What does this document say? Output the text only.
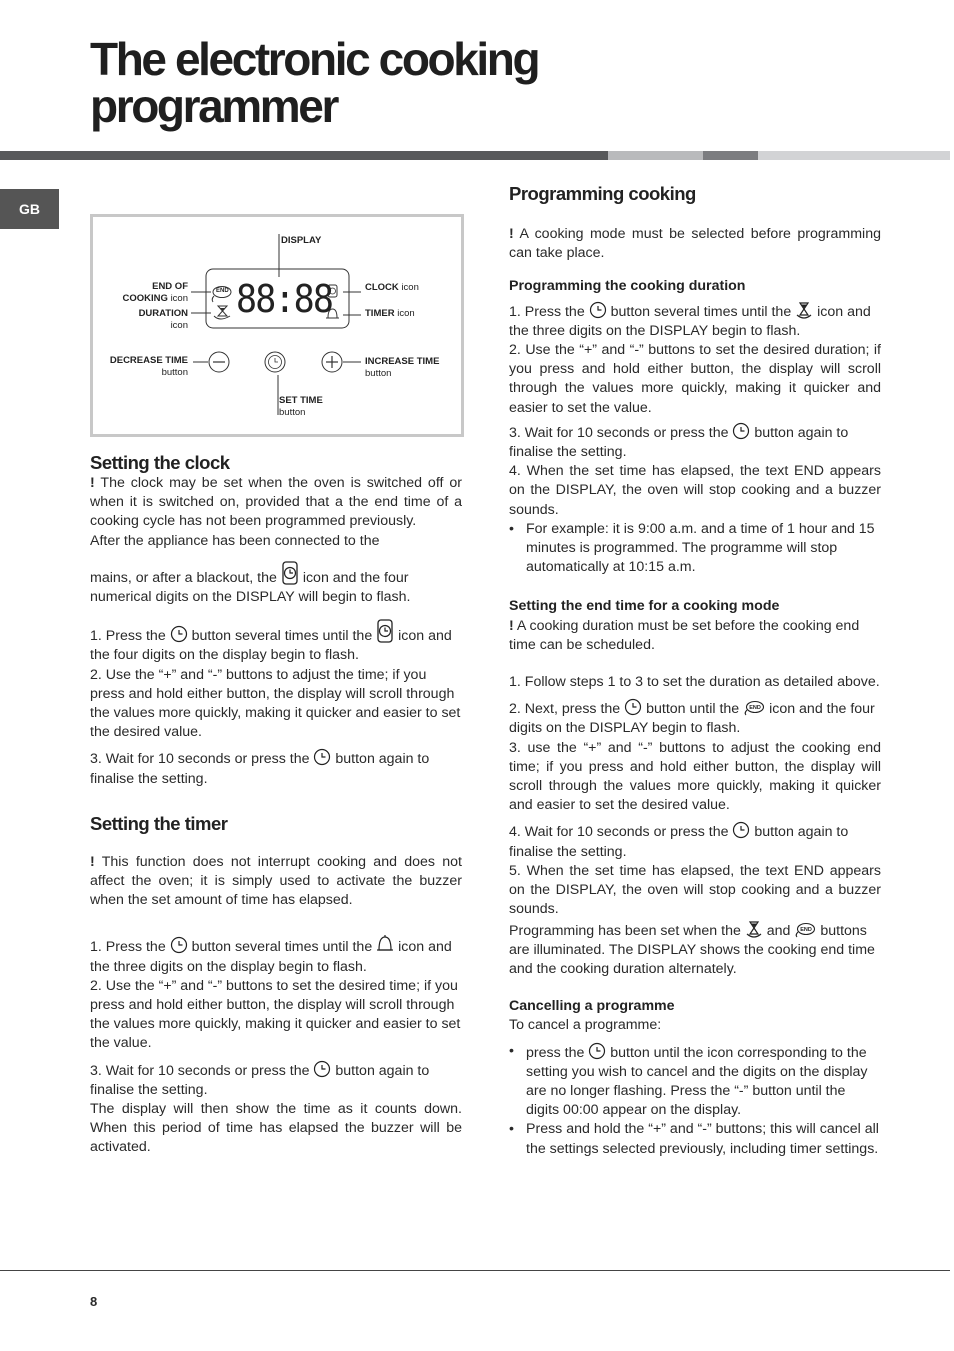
The electronic cooking
programmer
GB
88:88
END
DISPLAY
END OF
COOKING icon
DURATION
icon
CLOCK icon
TIMER icon
DECREASE TIME
button
INCREASE TIME
button
SET TIME
button
Setting the clock

! The clock may be set when the oven is switched off or when it is switched on, provided that a the end time of a cooking cycle has not been programmed previously.

After the appliance has been connected to the

mains, or after a blackout, the icon and the four numerical digits on the DISPLAY will begin to flash.

1. Press the button several times until the icon and the four digits on the display begin to flash.

2. Use the “+” and “-” buttons to adjust the time; if you press and hold either button, the display will scroll through the values more quickly, making it quicker and easier to set the desired value.

3. Wait for 10 seconds or press the button again to finalise the setting.

Setting the timer

! This function does not interrupt cooking and does not affect the oven; it is simply used to activate the buzzer when the set amount of time has elapsed.

1. Press the button several times until the icon and the three digits on the display begin to flash.

2. Use the “+” and “-” buttons to set the desired time; if you press and hold either button, the display will scroll through the values more quickly, making it quicker and easier to set the value.

3. Wait for 10 seconds or press the button again to finalise the setting.

The display will then show the time as it counts down. When this period of time has elapsed the buzzer will be activated.

Programming cooking

! A cooking mode must be selected before programming can take place.

Programming the cooking duration

1. Press the button several times until the icon and the three digits on the DISPLAY begin to flash.

2. Use the “+” and “-” buttons to set the desired duration; if you press and hold either button, the display will scroll through the values more quickly, making it quicker and easier to set the value.

3. Wait for 10 seconds or press the button again to finalise the setting.

4. When the set time has elapsed, the text END appears on the DISPLAY, the oven will stop cooking and a buzzer sounds.

• For example: it is 9:00 a.m. and a time of 1 hour and 15 minutes is programmed. The programme will stop automatically at 10:15 a.m.

Setting the end time for a cooking mode

! A cooking duration must be set before the cooking end time can be scheduled.

1. Follow steps 1 to 3 to set the duration as detailed above.

2. Next, press the button until the END icon and the four digits on the DISPLAY begin to flash.

3. use the “+” and “-” buttons to adjust the cooking end time; if you press and hold either button, the display will scroll through the values more quickly, making it quicker and easier to set the desired value.

4. Wait for 10 seconds or press the button again to finalise the setting.

5. When the set time has elapsed, the text END appears on the DISPLAY, the oven will stop cooking and a buzzer sounds.

Programming has been set when the and END buttons are illuminated. The DISPLAY shows the cooking end time and the cooking duration alternately.

Cancelling a programme

To cancel a programme:

• press the button until the icon corresponding to the setting you wish to cancel and the digits on the display are no longer flashing. Press the “-” button until the digits 00:00 appear on the display.

• Press and hold the “+” and “-” buttons; this will cancel all the settings selected previously, including timer settings.

8
